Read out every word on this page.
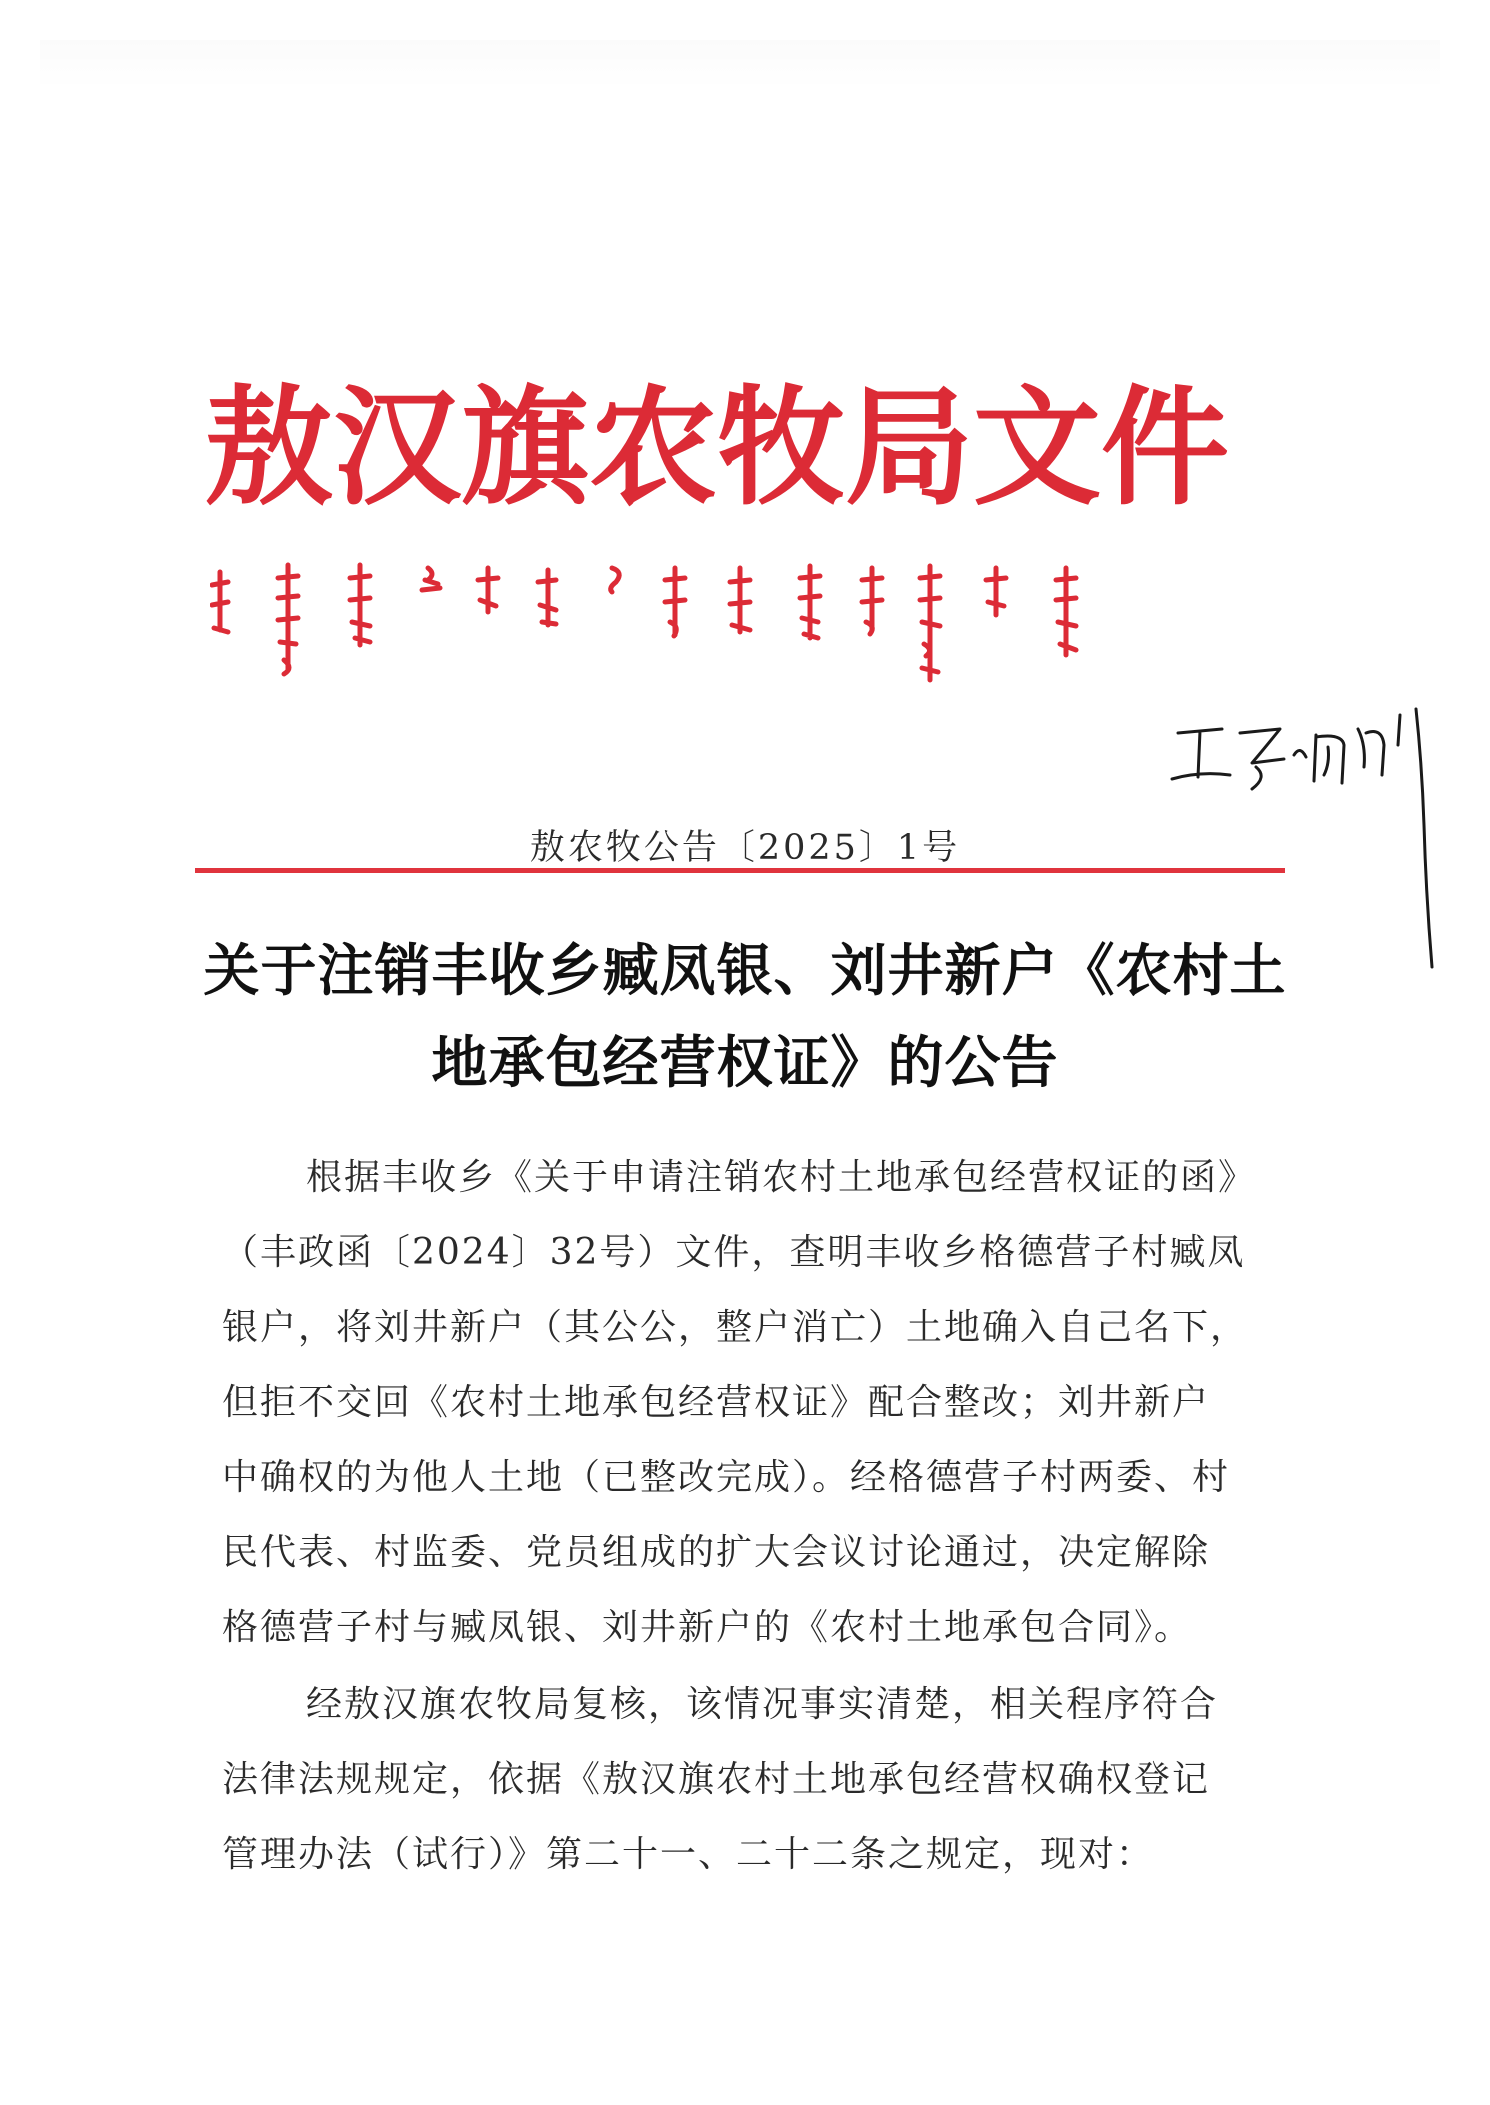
敖汉旗农牧局文件
敖农牧公告〔2025〕1号
关于注销丰收乡臧凤银、刘井新户《农村土
地承包经营权证》的公告

根据丰收乡《关于申请注销农村土地承包经营权证的函》
（丰政函〔2024〕32号）文件，查明丰收乡格德营子村臧凤
银户，将刘井新户（其公公，整户消亡）土地确入自己名下，
但拒不交回《农村土地承包经营权证》配合整改；刘井新户
中确权的为他人土地（已整改完成）。经格德营子村两委、村
民代表、村监委、党员组成的扩大会议讨论通过，决定解除
格德营子村与臧凤银、刘井新户的《农村土地承包合同》。

经敖汉旗农牧局复核，该情况事实清楚，相关程序符合
法律法规规定，依据《敖汉旗农村土地承包经营权确权登记
管理办法（试行）》第二十一、二十二条之规定，现对：
